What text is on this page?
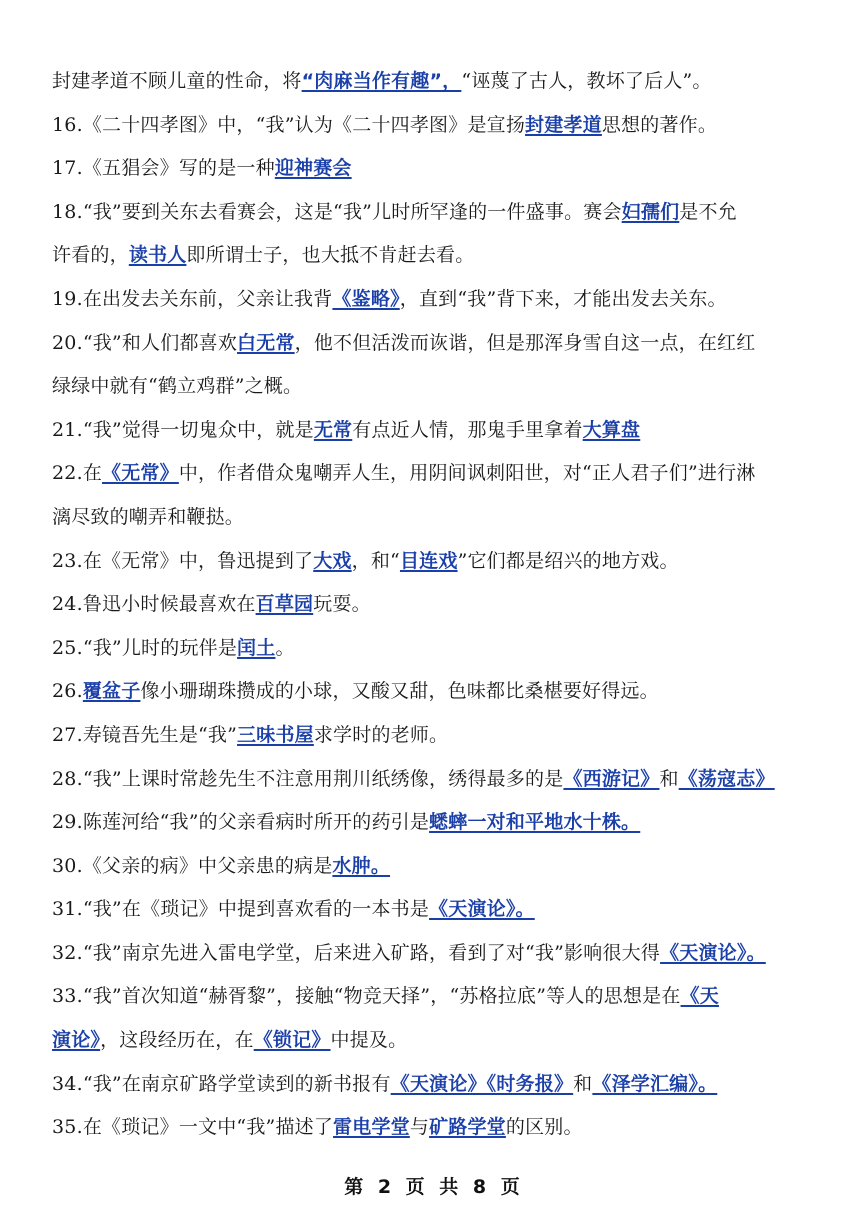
封建孝道不顾儿童的性命，将“肉麻当作有趣”，“诬蔑了古人，教坏了后人”。
16.《二十四孝图》中，“我”认为《二十四孝图》是宣扬封建孝道思想的著作。
17.《五猖会》写的是一种迎神赛会
18.“我”要到关东去看赛会，这是“我”儿时所罕逢的一件盛事。赛会妇孺们是不允
许看的，读书人即所谓士子，也大抵不肯赶去看。
19.在出发去关东前，父亲让我背《鉴略》，直到“我”背下来，才能出发去关东。
20.“我”和人们都喜欢白无常，他不但活泼而诙谐，但是那浑身雪自这一点，在红红
绿绿中就有“鹤立鸡群”之概。
21.“我”觉得一切鬼众中，就是无常有点近人情，那鬼手里拿着大算盘
22.在《无常》中，作者借众鬼嘲弄人生，用阴间讽刺阳世，对“正人君子们”进行淋
漓尽致的嘲弄和鞭挞。
23.在《无常》中，鲁迅提到了大戏，和“目连戏”它们都是绍兴的地方戏。
24.鲁迅小时候最喜欢在百草园玩耍。
25.“我”儿时的玩伴是闰土。
26.覆盆子像小珊瑚珠攒成的小球，又酸又甜，色味都比桑椹要好得远。
27.寿镜吾先生是“我”三味书屋求学时的老师。
28.“我”上课时常趁先生不注意用荆川纸绣像，绣得最多的是《西游记》和《荡寇志》
29.陈莲河给“我”的父亲看病时所开的药引是蟋蟀一对和平地水十株。
30.《父亲的病》中父亲患的病是水肿。
31.“我”在《琐记》中提到喜欢看的一本书是《天演论》。
32.“我”南京先进入雷电学堂，后来进入矿路，看到了对“我”影响很大得《天演论》。
33.“我”首次知道“赫胥黎”，接触“物竞天择”，“苏格拉底”等人的思想是在《天
演论》，这段经历在，在《锁记》中提及。
34.“我”在南京矿路学堂读到的新书报有《天演论》《时务报》和《泽学汇编》。
35.在《琐记》一文中“我”描述了雷电学堂与矿路学堂的区别。
第 2 页 共 8 页
